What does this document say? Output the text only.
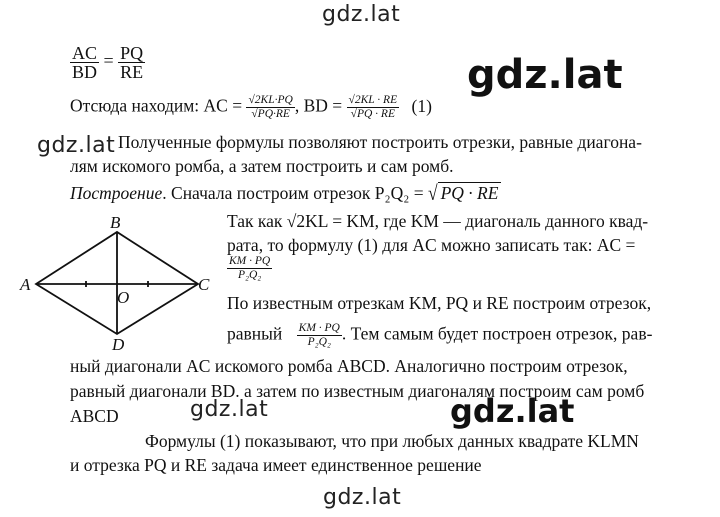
gdz.lat
gdz.lat
gdz.lat
gdz.lat	gdz.lat
gdz.lat
$\frac{AC}{BD} = \frac{PQ}{RE}$
Отсюда находим: AC = $\frac{√2KL\cdot PQ}{√PQ\cdot RE}$ , BD = $\frac{√2KL \cdot RE}{√PQ \cdot RE} (1)$
Полученные формулы позволяют построить отрезки, равные диагона-
лям искомого ромба, а затем построить и сам ромб.
Построение. Сначала построим отрезок P₂Q₂ = √ PQ · RE
B
A	C
O
D
Так как √2KL = KM, где KM — диагональ данного квад-
рата, то формулу (1) для AC можно записать так: AC =
$\frac{KM \cdot PQ}{\text{P₂Q₂}}$
По известным отрезкам KM, PQ и RE построим отрезок,
равный $\frac{KM \cdot PQ}{\text{P₂Q₂}}$ . Тем самым будет построен отрезок, рав-
ный диагонали AC искомого ромба ABCD. Аналогично построим отрезок,
равный диагонали BD. а затем по известным диагоналям построим сам ромб
ABCD
Формулы (1) показывают, что при любых данных квадрате KLMN
и отрезка PQ и RE задача имеет единственное решение
